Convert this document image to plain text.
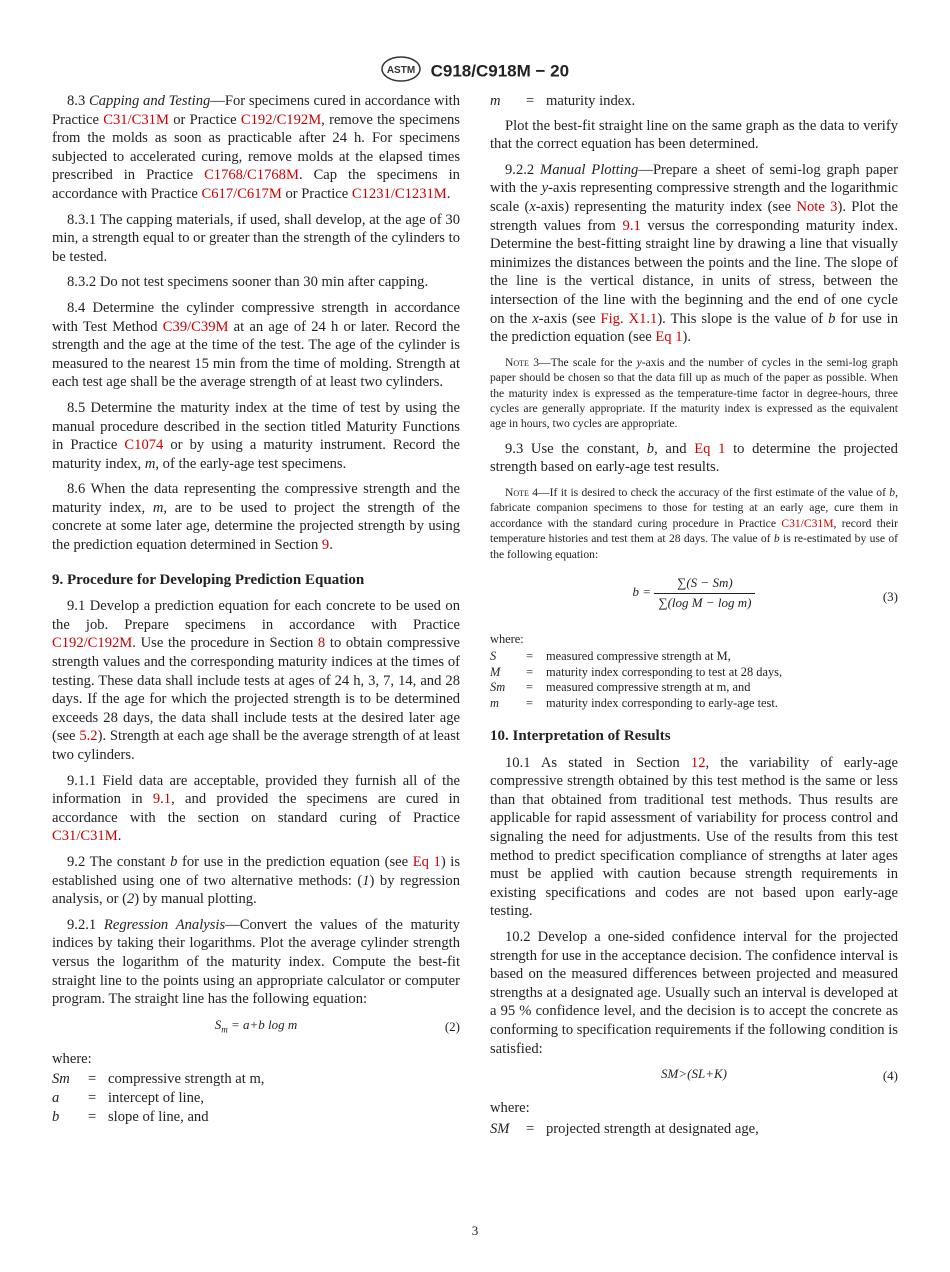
ASTM C918/C918M − 20

8.3 Capping and Testing—For specimens cured in accordance with Practice C31/C31M or Practice C192/C192M, remove the specimens from the molds as soon as practicable after 24 h. For specimens subjected to accelerated curing, remove molds at the elapsed times prescribed in Practice C1768/C1768M. Cap the specimens in accordance with Practice C617/C617M or Practice C1231/C1231M.

8.3.1 The capping materials, if used, shall develop, at the age of 30 min, a strength equal to or greater than the strength of the cylinders to be tested.

8.3.2 Do not test specimens sooner than 30 min after capping.

8.4 Determine the cylinder compressive strength in accordance with Test Method C39/C39M at an age of 24 h or later. Record the strength and the age at the time of the test. The age of the cylinder is measured to the nearest 15 min from the time of molding. Strength at each test age shall be the average strength of at least two cylinders.

8.5 Determine the maturity index at the time of test by using the manual procedure described in the section titled Maturity Functions in Practice C1074 or by using a maturity instrument. Record the maturity index, m, of the early-age test specimens.

8.6 When the data representing the compressive strength and the maturity index, m, are to be used to project the strength of the concrete at some later age, determine the projected strength by using the prediction equation determined in Section 9.

9. Procedure for Developing Prediction Equation

9.1 Develop a prediction equation for each concrete to be used on the job. Prepare specimens in accordance with Practice C192/C192M. Use the procedure in Section 8 to obtain compressive strength values and the corresponding maturity indices at the times of testing. These data shall include tests at ages of 24 h, 3, 7, 14, and 28 days. If the age for which the projected strength is to be determined exceeds 28 days, the data shall include tests at the desired later age (see 5.2). Strength at each age shall be the average strength of at least two cylinders.

9.1.1 Field data are acceptable, provided they furnish all of the information in 9.1, and provided the specimens are cured in accordance with the section on standard curing of Practice C31/C31M.

9.2 The constant b for use in the prediction equation (see Eq 1) is established using one of two alternative methods: (1) by regression analysis, or (2) by manual plotting.

9.2.1 Regression Analysis—Convert the values of the maturity indices by taking their logarithms. Plot the average cylinder strength versus the logarithm of the maturity index. Compute the best-fit straight line to the points using an appropriate calculator or computer program. The straight line has the following equation:

$S_m = a+b$ log m	(2)
where:
Sm	= compressive strength at m,
a	= intercept of line,
b	= slope of line, and
m	= maturity index.

Plot the best-fit straight line on the same graph as the data to verify that the correct equation has been determined.

9.2.2 Manual Plotting—Prepare a sheet of semi-log graph paper with the y-axis representing compressive strength and the logarithmic scale (x-axis) representing the maturity index (see Note 3). Plot the strength values from 9.1 versus the corresponding maturity index. Determine the best-fitting straight line by drawing a line that visually minimizes the distances between the points and the line. The slope of the line is the vertical distance, in units of stress, between the intersection of the line with the beginning and the end of one cycle on the x-axis (see Fig. X1.1). This slope is the value of b for use in the prediction equation (see Eq 1).

Note 3—The scale for the y-axis and the number of cycles in the semi-log graph paper should be chosen so that the data fill up as much of the paper as possible. When the maturity index is expressed as the temperature-time factor in degree-hours, three cycles are generally appropriate. If the maturity index is expressed as the equivalent age in hours, two cycles are appropriate.

9.3 Use the constant, b, and Eq 1 to determine the projected strength based on early-age test results.

Note 4—If it is desired to check the accuracy of the first estimate of the value of b, fabricate companion specimens to those for testing at an early age, cure them in accordance with the standard curing procedure in Practice C31/C31M, record their temperature histories and test them at 28 days. The value of b is re-estimated by use of the following equation:
$b = \frac{\sum(S - Sm)}{\text{∑(log M − log m)}}$	(3)
where:
S	=	measured compressive strength at M,
M	=	maturity index corresponding to test at 28 days,
Sm	=	measured compressive strength at m, and
m	=	maturity index corresponding to early-age test.
10. Interpretation of Results

10.1 As stated in Section 12, the variability of early-age compressive strength obtained by this test method is the same or less than that obtained from traditional test methods. Thus results are applicable for rapid assessment of variability for process control and signaling the need for adjustments. Use of the results from this test method to predict specification compliance of strengths at later ages must be applied with caution because strength requirements in existing specifications and codes are not based upon early-age testing.

10.2 Develop a one-sided confidence interval for the projected strength for use in the acceptance decision. The confidence interval is based on the measured differences between projected and measured strengths at a designated age. Usually such an interval is developed at a 95 % confidence level, and the decision is to accept the concrete as conforming to specification requirements if the following condition is satisfied:

SM>(SL+K)	(4)
where:
SM	= projected strength at designated age,
3
